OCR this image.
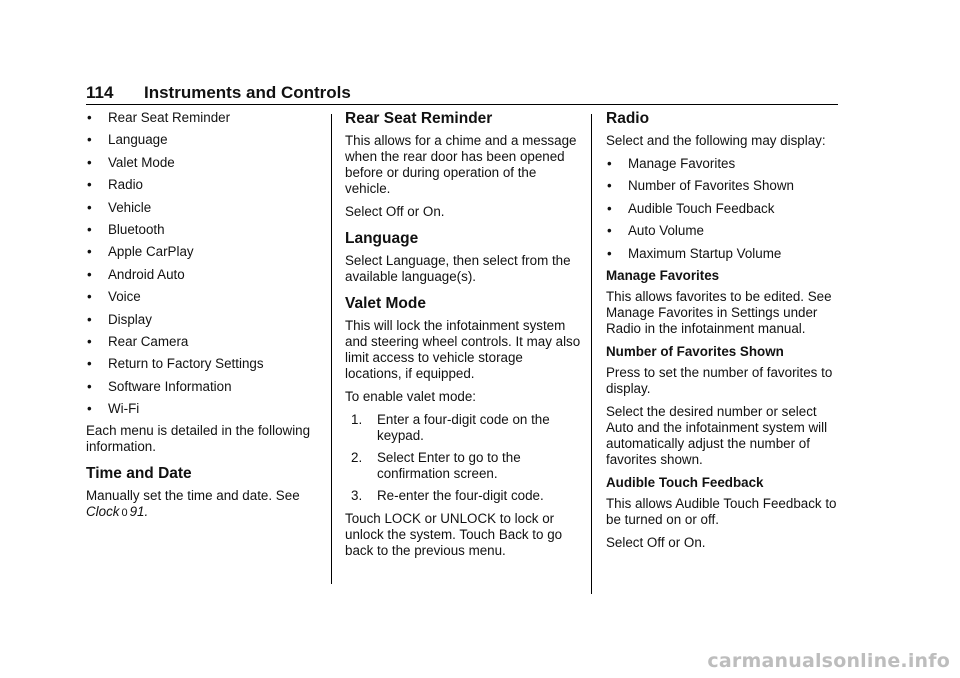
114 Instruments and Controls
• Rear Seat Reminder
• Language
• Valet Mode
• Radio
• Vehicle
• Bluetooth
• Apple CarPlay
• Android Auto
• Voice
• Display
• Rear Camera
• Return to Factory Settings
• Software Information
• Wi-Fi

Each menu is detailed in the following information.

Time and Date

Manually set the time and date. See Clock 0 91.

Rear Seat Reminder

This allows for a chime and a message when the rear door has been opened before or during operation of the vehicle.

Select Off or On.

Language

Select Language, then select from the available language(s).

Valet Mode

This will lock the infotainment system and steering wheel controls. It may also limit access to vehicle storage locations, if equipped.

To enable valet mode:

1. Enter a four-digit code on the keypad.
2. Select Enter to go to the confirmation screen.
3. Re-enter the four-digit code.

Touch LOCK or UNLOCK to lock or unlock the system. Touch Back to go back to the previous menu.

Radio

Select and the following may display:

• Manage Favorites
• Number of Favorites Shown
• Audible Touch Feedback
• Auto Volume
• Maximum Startup Volume
Manage Favorites

This allows favorites to be edited. See Manage Favorites in Settings under Radio in the infotainment manual.

Number of Favorites Shown

Press to set the number of favorites to display.

Select the desired number or select Auto and the infotainment system will automatically adjust the number of favorites shown.

Audible Touch Feedback

This allows Audible Touch Feedback to be turned on or off.

Select Off or On.

carmanualsonline.info
